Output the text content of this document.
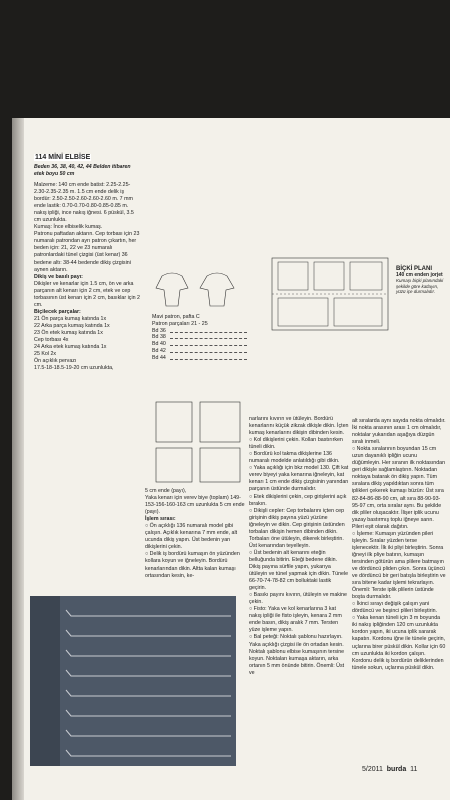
114 MİNİ ELBİSE
Beden 36, 38, 40, 42, 44 Belden itibaren etek boyu 50 cm

Malzeme: 140 cm ende batist: 2.25-2.25-2.30-2.35-2.35 m. 1.5 cm ende delik iş bordür: 2.50-2.50-2.60-2.60-2.60 m. 7 mm ende lastik: 0.70-0.70-0.80-0.85-0.85 m. nakış ipliği, ince nakış iğnesi. 6 püskül, 3.5 cm uzunlukta.

Kumaş: İnce elbiselik kumaş.

Patronu paftadan aktarın. Cep torbası için 23 numaralı patrondan ayrı patron çıkartın, her beden için: 21, 22 ve 23 numaralı patronlardaki tünel çizgisi (üst kenar) 36 bedene altı: 38-44 bedende dikiş çizgisini aynen aktarın.

Dikiş ve basılı payı:

Dikişler ve kenarlar için 1.5 cm, ön ve arka parçanın alt kenarı için 2 cm, etek ve cep torbasının üst kenarı için 2 cm, basıklar için 2 cm.

Biçilecek parçalar:

21 Ön parça kumaş katında 1x

22 Arka parça kumaş katında 1x

23 Ön etek kumaş katında 1x

Cep torbası 4x

24 Arka etek kumaş katında 1x

25 Kol 2x

Ön açıklık pervazı

17.5-18-18.5-19-20 cm uzunlukta,

Mavi patron, pafta C
Patron parçaları 21 - 25
Bd 36
Bd 38
Bd 40
Bd 42
Bd 44

5 cm ende (payı),

Yaka kenarı için verev biye (toplam) 149-153-156-160-163 cm uzunlukta 5 cm ende (payı).

İşlem sırası:

○ Ön açıklığı 136 numaralı model gibi çalışın. Açıklık kenarına 7 mm ende, alt ucunda dikiş yapın. Üst bedenin yan dikişlerini çekin.

○ Delik iş bordürü kumaşın ön yüzünden kollara koyun ve iğneleyin. Bordürü kenarlarından dikin. Altta kalan kumaşı ortasından kesin, ke-

BİÇKİ PLANI
140 cm enden jorjet
Kumaşı biçki planındaki şekilde göre katlayın, yüzü içe durmalıdır.

narlarını kıvırın ve ütüleyin. Bordürü kenarlarını küçük zikzak dikişle dikin. İçten kumaş kenarlarını dikişin dibinden kesin.

○ Kol dikişlerini çekin. Kolları bastırırken tüneli dikin.

○ Bordürü kol takma dikişlerine 136 numaralı modelde anlatıldığı gibi dikin.

○ Yaka açıklığı için bkz model 130. Çift kat verev biyeyi yaka kenarına iğneleyin, kat kenarı 1 cm ende dikiş çizgisinin yanından parçanın üstünde durmalıdır.

○ Etek dikişlerini çekin, cep girişlerini açık bırakın.

○ Dikişli cepler: Cep torbalarını içten cep girişinin dikiş payına yüzü yüzüne iğneleyin ve dikin. Cep girişinin üstünden torbaları dikişin hemen dibinden dikin. Torbaları öne ütüleyin, dikerek birleştirin. Üst kenarından teyelleyin.

○ Üst bedenin alt kenarını eteğin belluğunda bitirin. Eteği bedene dikin. Dikiş payına sürfile yapın, yukarıya ütüleyin ve tünel yapmak için dikin. Tünele 66-70-74-78-82 cm bolluktaki lastik geçirin.

○ Basıkı payını kıvırın, ütüleyin ve makine çekin.

○ Fisto: Yaka ve kol kenarlarına 3 kat nakış ipliği ile fisto işleyin, kenara 2 mm ende basın, dikiş aralık 7 mm. Tersten yüze işleme yapın.

○ Bal peteği: Noktalı şablonu hazırlayın. Yaka açıklığı çizgisi ile ön ortadan kesin. Noktalı şablonu elbise kumaşının tersine koyun. Noktaları kumaşa aktarın, arka ortanın 5 mm önünde bitirin. Önemli: Üst ve

alt sıralarda aynı sayıda nokta olmalıdır. İki nokta arasının arası 1 cm olmalıdır, noktalar yukarıdan aşağıya düzgün sıralı inmeli.

○ Nokta sıralarının boyundan 15 cm uzun dayanıklı ipliğin ucunu düğümleyin. Her sıranın ilk noktasından geri dikişle sağlamlaştırın. Noktadan noktaya batarak ön dikiş yapın. Tüm sıralara dikiş yapıldıktan sonra tüm iplikleri çekerek kumaşı büzün: Üst sıra 82-84-86-88-90 cm, alt sıra 88-90-93-95-97 cm, orta sıralar aynı. Bu şekilde dik pliler oluşacaktır. İlişer iplik ucunu yazay bastırmış toplu iğneye sarın. Pileri eşit olarak dağıtın.

○ İşleme: Kumaşın yüzünden pileri işleyin. Sıralar yüzden terse işlenecektir. İlk iki pliyi birleştirin. Sonra iğneyi ilk pliye batırın, kumaşın tersinden götürün ama plilere batmayın ve dördüncü pliden çıkın. Sonra üçüncü ve dördüncü bir geri batışla birleştirin ve sıra bitene kadar işlemi tekrarlayın. Önemli: Terste iplik plilerin üstünde boşta durmalıdır.

○ İkinci sırayı değişik çalışın yani dördüncü ve beşinci plileri birleştirin.

○ Yaka kenarı tüneli için 3 m boyunda iki nakış ipliğinden 120 cm uzunlukta kordon yapın, iki ucuna iplik sararak kapatın. Kordonu iğne ile tünele geçirin, uçlarına birer püskül dikin. Kollar için 60 cm uzunlukta iki kordon çalışın. Kordonu delik iş bordürün deliklerinden tünele sokun, uçlarına püskül dikin.

5/2011 burda 11
